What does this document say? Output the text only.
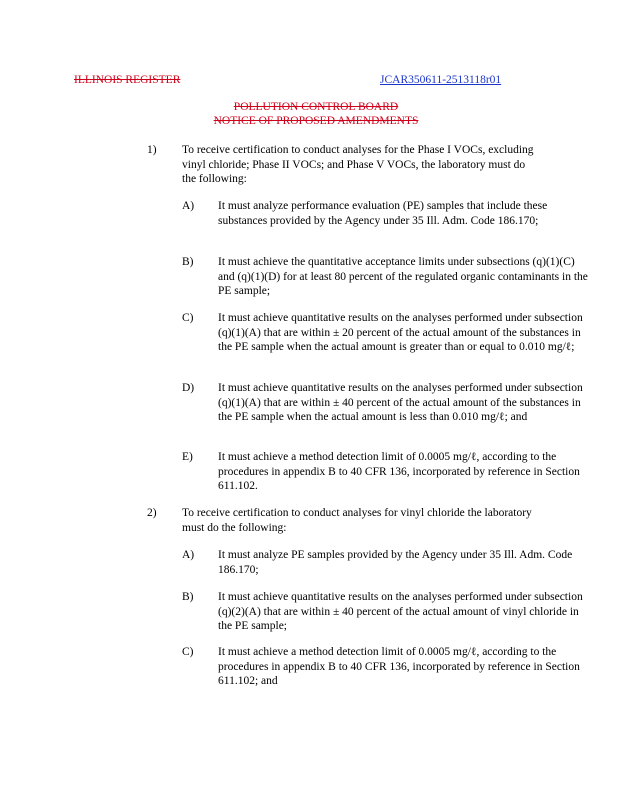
ILLINOIS REGISTER	JCAR350611-2513118r01
POLLUTION CONTROL BOARD
NOTICE OF PROPOSED AMENDMENTS
1) To receive certification to conduct analyses for the Phase I VOCs, excluding vinyl chloride; Phase II VOCs; and Phase V VOCs, the laboratory must do the following:
A) It must analyze performance evaluation (PE) samples that include these substances provided by the Agency under 35 Ill. Adm. Code 186.170;
B) It must achieve the quantitative acceptance limits under subsections (q)(1)(C) and (q)(1)(D) for at least 80 percent of the regulated organic contaminants in the PE sample;
C) It must achieve quantitative results on the analyses performed under subsection (q)(1)(A) that are within ± 20 percent of the actual amount of the substances in the PE sample when the actual amount is greater than or equal to 0.010 mg/ℓ;
D) It must achieve quantitative results on the analyses performed under subsection (q)(1)(A) that are within ± 40 percent of the actual amount of the substances in the PE sample when the actual amount is less than 0.010 mg/ℓ; and
E) It must achieve a method detection limit of 0.0005 mg/ℓ, according to the procedures in appendix B to 40 CFR 136, incorporated by reference in Section 611.102.
2) To receive certification to conduct analyses for vinyl chloride the laboratory must do the following:
A) It must analyze PE samples provided by the Agency under 35 Ill. Adm. Code 186.170;
B) It must achieve quantitative results on the analyses performed under subsection (q)(2)(A) that are within ± 40 percent of the actual amount of vinyl chloride in the PE sample;
C) It must achieve a method detection limit of 0.0005 mg/ℓ, according to the procedures in appendix B to 40 CFR 136, incorporated by reference in Section 611.102; and
